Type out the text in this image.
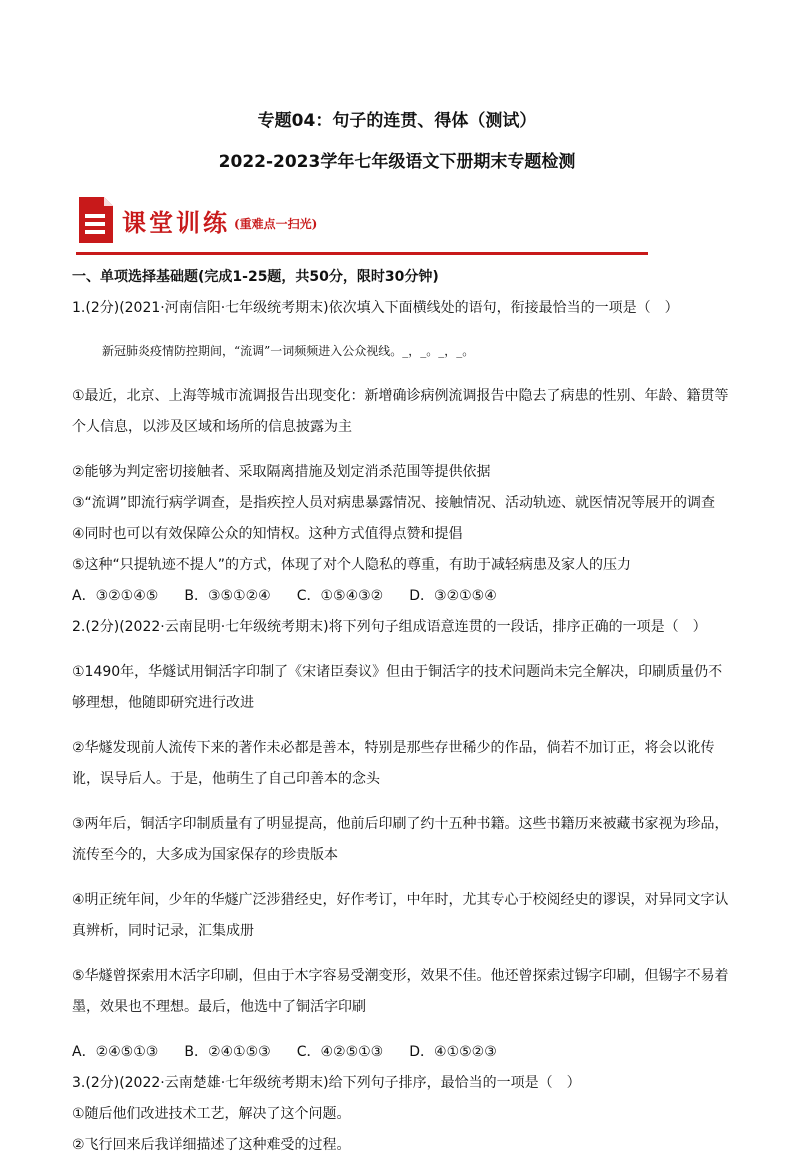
专题04：句子的连贯、得体（测试）
2022-2023学年七年级语文下册期末专题检测
课堂训练 (重难点一扫光)

一、单项选择基础题(完成1-25题，共50分，限时30分钟)

1.(2分)(2021·河南信阳·七年级统考期末)依次填入下面横线处的语句，衔接最恰当的一项是（　）

新冠肺炎疫情防控期间，“流调”一词频频进入公众视线。_，_。_，_。

①最近，北京、上海等城市流调报告出现变化：新增确诊病例流调报告中隐去了病患的性别、年龄、籍贯等个人信息，以涉及区域和场所的信息披露为主

②能够为判定密切接触者、采取隔离措施及划定消杀范围等提供依据

③“流调”即流行病学调查，是指疾控人员对病患暴露情况、接触情况、活动轨迹、就医情况等展开的调查

④同时也可以有效保障公众的知情权。这种方式值得点赞和提倡

⑤这种“只提轨迹不提人”的方式，体现了对个人隐私的尊重，有助于减轻病患及家人的压力

A．③②①④⑤ B．③⑤①②④ C．①⑤④③② D．③②①⑤④

2.(2分)(2022·云南昆明·七年级统考期末)将下列句子组成语意连贯的一段话，排序正确的一项是（　）

①1490年，华燧试用铜活字印制了《宋诸臣奏议》但由于铜活字的技术问题尚未完全解决，印刷质量仍不够理想，他随即研究进行改进

②华燧发现前人流传下来的著作未必都是善本，特别是那些存世稀少的作品，倘若不加订正，将会以讹传讹，误导后人。于是，他萌生了自己印善本的念头

③两年后，铜活字印制质量有了明显提高，他前后印刷了约十五种书籍。这些书籍历来被藏书家视为珍品，流传至今的，大多成为国家保存的珍贵版本

④明正统年间，少年的华燧广泛涉猎经史，好作考订，中年时，尤其专心于校阅经史的谬误，对异同文字认真辨析，同时记录，汇集成册

⑤华燧曾探索用木活字印刷，但由于木字容易受潮变形，效果不佳。他还曾探索过锡字印刷，但锡字不易着墨，效果也不理想。最后，他选中了铜活字印刷

A．②④⑤①③ B．②④①⑤③ C．④②⑤①③ D．④①⑤②③

3.(2分)(2022·云南楚雄·七年级统考期末)给下列句子排序，最恰当的一项是（　）

①随后他们改进技术工艺，解决了这个问题。

②飞行回来后我详细描述了这种难受的过程。
